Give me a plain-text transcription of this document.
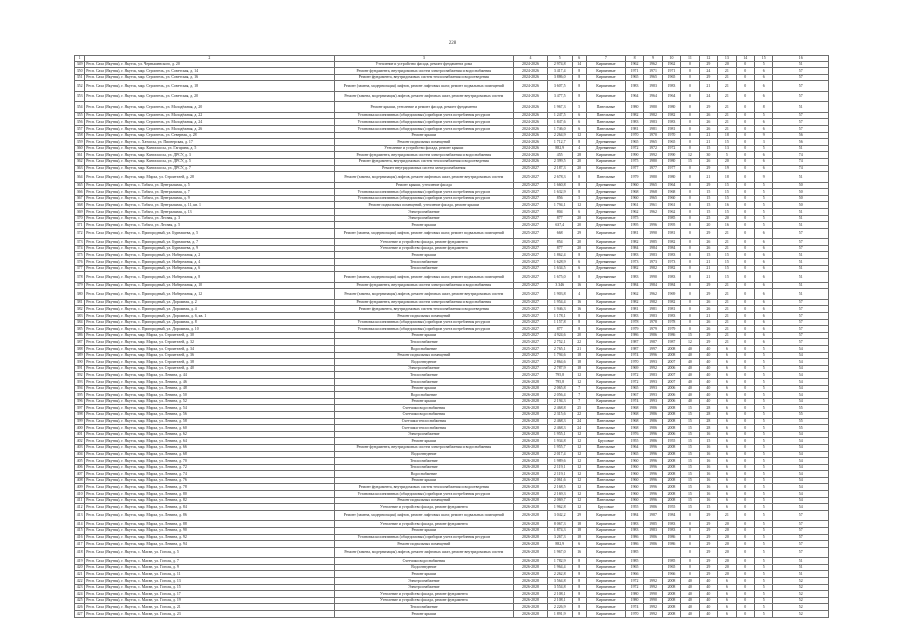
228
1	2	3	4	5	6	7	8	9	10	11	12	13	14	15	16
349	Респ. Саха (Якутия), г. Якутск, ул. Чернышевского, д. 20	Утепление и устройство фасада, ремонт фундамента дома	2024-2026	2 974,8	14	Кирпичные	1962	1962	1962	0	29	20	0	5	51
350	Респ. Саха (Якутия), г. Якутск, мкр. Строитель, ул. Советская, д. 14	Ремонт фундамента, внутридомовых систем электроснабжения и водоснабжения	2024-2026	3 417,4	8	Кирпичные	1971	1971	1971	0	24	21	0	6	57
351	Респ. Саха (Якутия), г. Якутск, мкр. Строитель, ул. Советская, д. 16	Ремонт фундамента, внутридомовых систем теплоснабжения и водоотведения	2024-2026	3 886,0	8	Кирпичные	1965	1965	1965	0	29	21	0	6	57
352	Респ. Саха (Якутия), г. Якутск, мкр. Строитель, ул. Советская, д. 18	Ремонт (замена, модернизация) лифтов, ремонт лифтовых шахт, ремонт подвальных помещений	2024-2026	3 607,5	8	Кирпичные	1983	1983	1983	0	21	21	0	6	57
353	Респ. Саха (Якутия), г. Якутск, мкр. Строитель, ул. Советская, д. 20	Ремонт (замена, модернизация) лифтов, ремонт лифтовых шахт, ремонт внутридомовых систем	2024-2026	3 477,5	8	Кирпичные	1964	1964	1964	0	24	21	0	6	57
354	Респ. Саха (Якутия), г. Якутск, мкр. Строитель, ул. Молодёжная, д. 20	Ремонт крыши, утепление и ремонт фасада, ремонт фундамента	2024-2026	1 967,3	5	Панельные	1980	1980	1980	0	29	21	0	8	51
355	Респ. Саха (Якутия), г. Якутск, мкр. Строитель, ул. Молодёжная, д. 22	Установка коллективных (общедомовых) приборов учета потребления ресурсов	2024-2026	1 247,5	6	Панельные	1982	1982	1982	0	26	21	0	5	57
356	Респ. Саха (Якутия), г. Якутск, мкр. Строитель, ул. Молодёжная, д. 24	Установка коллективных (общедомовых) приборов учета потребления ресурсов	2024-2026	1 847,6	6	Панельные	1983	1983	1983	0	26	21	0	6	57
357	Респ. Саха (Якутия), г. Якутск, мкр. Строитель, ул. Молодёжная, д. 26	Установка коллективных (общедомовых) приборов учета потребления ресурсов	2024-2026	1 746,0	6	Панельные	1981	1981	1981	0	26	21	0	6	57
358	Респ. Саха (Якутия), г. Якутск, мкр. Строитель, ул. Северная, д. 28	Ремонт крыши	2024-2026	2 264,9	12	Кирпичные	1970	1970	1970	0	21	18	0	9	56
359	Респ. Саха (Якутия), г. Якутск, с. Хатассы, ул. Пионерская, д. 17	Ремонт подвальных помещений	2024-2026	1 712,7	8	Деревянные	1965	1965	1965	0	21	15	0	3	56
360	Респ. Саха (Якутия), г. Якутск, мкр. Кангалассы, ул. Гагарина, д. 5	Утепление и устройство фасада, ремонт крыши	2024-2026	882,9	4	Деревянные	1972	1972	1972	0	15	13	0	5	51
361	Респ. Саха (Якутия), г. Якутск, мкр. Кангалассы, ул. ДРСУ, д. 3	Ремонт фундамента, внутридомовых систем электроснабжения и водоснабжения	2024-2026	455	28	Кирпичные	1990	1992	1990	12	30	5	0	6	74
362	Респ. Саха (Якутия), г. Якутск, мкр. Кангалассы, ул. ДРСУ, д. 5	Ремонт фундамента, внутридомовых систем теплоснабжения и водоотведения	2024-2026	2 399,5	20	Кирпичные	1975	1980	1980	15	26	20	0	6	74
363	Респ. Саха (Якутия), г. Якутск, мкр. Кангалассы, ул. ДРСУ, д. 7	Ремонт внутридомовых систем электроснабжения	2025-2027	2 187,3	20	Кирпичные	1977	1977	1977	0	29	19	0	6	74
364	Респ. Саха (Якутия), г. Якутск, мкр. Марха, ул. Строителей, д. 28	Ремонт (замена, модернизация) лифтов, ремонт лифтовых шахт, ремонт внутридомовых систем	2025-2027	2 678,3	8	Панельные	1979	1980	1980	0	21	18	0	9	51
365	Респ. Саха (Якутия), г. Якутск, с. Табага, ул. Центральная, д. 5	Ремонт крыши, утепление фасада	2025-2027	1 660,8	8	Деревянные	1960	1965	1964	0	29	15	0	5	50
366	Респ. Саха (Якутия), г. Якутск, с. Табага, ул. Центральная, д. 7	Установка коллективных (общедомовых) приборов учета потребления ресурсов	2025-2027	1 632,9	8	Деревянные	1968	1968	1968	0	15	15	0	5	50
367	Респ. Саха (Якутия), г. Якутск, с. Табага, ул. Центральная, д. 9	Установка коллективных (общедомовых) приборов учета потребления ресурсов	2025-2027	856	5	Деревянные	1960	1965	1960	0	15	15	0	5	50
368	Респ. Саха (Якутия), г. Якутск, с. Табага, ул. Центральная, д. 11, кв. 1	Ремонт подвальных помещений, утепление фасада, ремонт крыши	2025-2027	1 794,1	12	Деревянные	1961	1961	1961	0	15	16	0	5	50
369	Респ. Саха (Якутия), г. Якутск, с. Табага, ул. Центральная, д. 13	Электроснабжение	2025-2027	804	6	Деревянные	1962	1962	1962	0	15	15	0	5	51
370	Респ. Саха (Якутия), г. Якутск, с. Табага, ул. Лесная, д. 3	Электроснабжение	2025-2027	877	20	Кирпичные	1975		1985	0	25	20	0	5	51
371	Респ. Саха (Якутия), г. Якутск, с. Табага, ул. Лесная, д. 5	Ремонт крыши	2025-2027	637,4	20	Деревянные	1995	1996	1995	0	20	16	0	5	51
372	Респ. Саха (Якутия), г. Якутск, с. Пригородный, ул. Бурнашева, д. 5	Ремонт (замена, модернизация) лифтов, ремонт лифтовых шахт, ремонт подвальных помещений	2025-2027	668	29	Кирпичные	1981	1990	1981	0	29	21	0	6	57
373	Респ. Саха (Якутия), г. Якутск, с. Пригородный, ул. Бурнашева, д. 7	Утепление и устройство фасада, ремонт фундамента	2025-2027	854	20	Кирпичные	1982	1985	1982	0	26	21	0	6	57
374	Респ. Саха (Якутия), г. Якутск, с. Пригородный, ул. Бурнашева, д. 9	Утепление и устройство фасада, ремонт фундамента	2025-2027	877	20	Кирпичные	1984	1984	1984	0	26	21	0	6	57
375	Респ. Саха (Якутия), г. Якутск, с. Пригородный, ул. Набережная, д. 2	Ремонт крыши	2025-2027	1 862,4	8	Деревянные	1983	1983	1983	0	15	15	0	6	51
376	Респ. Саха (Якутия), г. Якутск, с. Пригородный, ул. Набережная, д. 4	Теплоснабжение	2025-2027	1 628,9	6	Деревянные	1973	1973	1973	0	21	15	0	6	51
377	Респ. Саха (Якутия), г. Якутск, с. Пригородный, ул. Набережная, д. 6	Теплоснабжение	2025-2027	1 634,5	6	Деревянные	1982	1982	1982	0	21	15	0	6	51
378	Респ. Саха (Якутия), г. Якутск, с. Пригородный, ул. Набережная, д. 8	Ремонт (замена, модернизация) лифтов, ремонт лифтовых шахт, ремонт подвальных помещений	2025-2027	1 675,0	8	Деревянные	1983	1990	1983	0	21	15	0	6	51
379	Респ. Саха (Якутия), г. Якутск, с. Пригородный, ул. Набережная, д. 10	Ремонт фундамента, внутридомовых систем электроснабжения и водоснабжения	2025-2027	3 346	16	Кирпичные	1984	1984	1984	0	29	21	0	6	51
380	Респ. Саха (Якутия), г. Якутск, с. Пригородный, ул. Набережная, д. 12	Ремонт (замена, модернизация) лифтов, ремонт лифтовых шахт, ремонт внутридомовых систем	2025-2027	1 903,8	4	Кирпичные	1962	1962	1969	0	29	21	0	6	51
381	Респ. Саха (Якутия), г. Якутск, с. Пригородный, ул. Дорожная, д. 2	Ремонт фундамента, внутридомовых систем электроснабжения и водоснабжения	2025-2027	1 954,4	16	Кирпичные	1982	1982	1982	0	26	21	0	6	57
382	Респ. Саха (Якутия), г. Якутск, с. Пригородный, ул. Дорожная, д. 4	Ремонт фундамента, внутридомовых систем теплоснабжения и водоотведения	2025-2027	1 946,3	16	Кирпичные	1981	1981	1981	0	26	21	0	6	57
383	Респ. Саха (Якутия), г. Якутск, с. Пригородный, ул. Дорожная, д. 6, кв. 1	Ремонт подвальных помещений	2025-2027	1 178,1	8	Кирпичные	1983	1983	1983	0	21	21	0	6	57
384	Респ. Саха (Якутия), г. Якутск, с. Пригородный, ул. Дорожная, д. 8	Установка коллективных (общедомовых) приборов учета потребления ресурсов	2025-2027	1 157,8	8	Кирпичные	1978	1978	1978	0	26	21	0	6	57
385	Респ. Саха (Якутия), г. Якутск, с. Пригородный, ул. Дорожная, д. 10	Установка коллективных (общедомовых) приборов учета потребления ресурсов	2025-2027	877	8	Кирпичные	1979	1979	1979	0	26	21	0	6	57
386	Респ. Саха (Якутия), г. Якутск, мкр. Марха, ул. Строителей, д. 30	Ремонт крыши	2025-2027	4 924,6	20	Кирпичные	1986	1986	1986	15	29	21	0	6	57
387	Респ. Саха (Якутия), г. Якутск, мкр. Марха, ул. Строителей, д. 32	Теплоснабжение	2025-2027	2 752,1	22	Кирпичные	1987	1987	1987	12	29	21	0	6	57
388	Респ. Саха (Якутия), г. Якутск, мкр. Марха, ул. Строителей, д. 34	Водоснабжение	2025-2027	2 765,1	21	Кирпичные	1987	1997	2008	40	40	6	0	5	54
389	Респ. Саха (Якутия), г. Якутск, мкр. Марха, ул. Строителей, д. 36	Ремонт подвальных помещений	2025-2027	1 794,6	18	Кирпичные	1974	1996	2008	40	40	6	0	5	54
390	Респ. Саха (Якутия), г. Якутск, мкр. Марха, ул. Строителей, д. 38	Водоотведение	2025-2027	2 864,6	18	Кирпичные	1970	1993	2007	40	40	6	0	5	54
391	Респ. Саха (Якутия), г. Якутск, мкр. Марха, ул. Строителей, д. 40	Электроснабжение	2025-2027	2 787,9	18	Кирпичные	1969	1992	2006	40	40	6	0	5	54
392	Респ. Саха (Якутия), г. Якутск, мкр. Марха, ул. Ленина, д. 44	Теплоснабжение	2025-2027	795,8	12	Кирпичные	1972	1983	2007	40	40	6	0	5	54
393	Респ. Саха (Якутия), г. Якутск, мкр. Марха, ул. Ленина, д. 46	Теплоснабжение	2026-2028	795,8	12	Кирпичные	1972	1993	2007	40	40	6	0	5	54
394	Респ. Саха (Якутия), г. Якутск, мкр. Марха, ул. Ленина, д. 48	Ремонт крыши	2026-2028	2 065,8	7	Кирпичные	1965	1993	2006	40	40	6	0	5	54
395	Респ. Саха (Якутия), г. Якутск, мкр. Марха, ул. Ленина, д. 50	Водоснабжение	2026-2028	2 056,4	7	Кирпичные	1967	1993	2006	40	40	6	0	5	54
396	Респ. Саха (Якутия), г. Якутск, мкр. Марха, ул. Ленина, д. 52	Ремонт крыши	2026-2028	2 194,3	7	Кирпичные	1974	1993	2006	40	40	6	0	5	54
397	Респ. Саха (Якутия), г. Якутск, мкр. Марха, ул. Ленина, д. 54	Счетчики водоснабжения	2026-2028	2 468,8	25	Панельные	1968	1986	2008	15	28	6	0	5	55
398	Респ. Саха (Якутия), г. Якутск, мкр. Марха, ул. Ленина, д. 56	Счетчики водоснабжения	2026-2028	2 315,6	22	Панельные	1968	1986	2008	15	28	6	0	5	55
399	Респ. Саха (Якутия), г. Якутск, мкр. Марха, ул. Ленина, д. 58	Счетчики теплоснабжения	2026-2028	2 468,3	24	Панельные	1968	1986	2008	15	28	6	0	5	55
400	Респ. Саха (Якутия), г. Якутск, мкр. Марха, ул. Ленина, д. 60	Счетчики теплоснабжения	2026-2028	2 468,3	24	Панельные	1968	1986	2008	15	28	6	0	5	55
401	Респ. Саха (Якутия), г. Якутск, мкр. Марха, ул. Ленина, д. 62	Электроснабжение	2026-2028	1 955,1	12	Панельные	1976	1996	2006	15	16	6	0	5	54
402	Респ. Саха (Якутия), г. Якутск, мкр. Марха, ул. Ленина, д. 64	Ремонт крыши	2026-2028	1 934,8	12	Брусовые	1955	1986	1955	15	15	6	0	5	54
403	Респ. Саха (Якутия), г. Якутск, мкр. Марха, ул. Ленина, д. 66	Ремонт фундамента, внутридомовых систем электроснабжения и водоснабжения	2026-2028	1 955,7	12	Панельные	1964	1996	2008	15	16	6	0	5	54
404	Респ. Саха (Якутия), г. Якутск, мкр. Марха, ул. Ленина, д. 68	Водоотведение	2026-2028	2 017,4	12	Панельные	1965	1996	2008	15	16	6	0	5	54
405	Респ. Саха (Якутия), г. Якутск, мкр. Марха, ул. Ленина, д. 70	Теплоснабжение	2026-2028	1 989,6	12	Панельные	1960	1996	2008	15	16	6	0	5	54
406	Респ. Саха (Якутия), г. Якутск, мкр. Марха, ул. Ленина, д. 72	Теплоснабжение	2026-2028	2 119,1	12	Панельные	1960	1996	2008	15	16	6	0	5	54
407	Респ. Саха (Якутия), г. Якутск, мкр. Марха, ул. Ленина, д. 74	Водоснабжение	2026-2028	2 119,1	12	Панельные	1960	1996	2008	15	16	6	0	5	54
408	Респ. Саха (Якутия), г. Якутск, мкр. Марха, ул. Ленина, д. 76	Ремонт крыши	2026-2028	2 061,6	12	Панельные	1960	1996	2008	15	16	6	0	5	54
409	Респ. Саха (Якутия), г. Якутск, мкр. Марха, ул. Ленина, д. 78	Ремонт фундамента, внутридомовых систем теплоснабжения и водоотведения	2026-2028	2 168,5	12	Панельные	1960	1996	2008	15	16	6	0	5	54
410	Респ. Саха (Якутия), г. Якутск, мкр. Марха, ул. Ленина, д. 80	Установка коллективных (общедомовых) приборов учета потребления ресурсов	2026-2028	2 169,3	12	Панельные	1960	1996	2008	15	16	6	0	5	54
411	Респ. Саха (Якутия), г. Якутск, мкр. Марха, ул. Ленина, д. 82	Ремонт подвальных помещений	2026-2028	2 069,7	12	Панельные	1960	1996	2008	15	16	6	0	5	54
412	Респ. Саха (Якутия), г. Якутск, мкр. Марха, ул. Ленина, д. 84	Утепление и устройство фасада, ремонт фундамента	2026-2028	1 962,8	12	Брусовые	1955	1986	1955	15	15	6	0	5	54
413	Респ. Саха (Якутия), г. Якутск, мкр. Марха, ул. Ленина, д. 86	Ремонт (замена, модернизация) лифтов, ремонт лифтовых шахт, ремонт подвальных помещений	2026-2028	3 042,2	29	Кирпичные	1984	1987	1984	0	29	21	0	5	57
414	Респ. Саха (Якутия), г. Якутск, мкр. Марха, ул. Ленина, д. 88	Утепление и устройство фасада, ремонт фундамента	2026-2028	8 067,3	18	Кирпичные	1983	1985	1983	0	29	20	0	5	57
415	Респ. Саха (Якутия), г. Якутск, мкр. Марха, ул. Ленина, д. 90	Ремонт крыши	2026-2028	1 874,3	18	Кирпичные	1983	1983	1983	0	29	20	0	5	57
416	Респ. Саха (Якутия), г. Якутск, мкр. Марха, ул. Ленина, д. 92	Установка коллективных (общедомовых) приборов учета потребления ресурсов	2026-2028	3 267,3	18	Кирпичные	1986	1986	1986	0	29	20	0	5	57
417	Респ. Саха (Якутия), г. Якутск, мкр. Марха, ул. Ленина, д. 94	Ремонт подвальных помещений	2026-2028	882,9	6	Кирпичные	1986	1986	1986	0	29	20	0	5	57
418	Респ. Саха (Якутия), г. Якутск, с. Маган, ул. Гоголя, д. 5	Ремонт (замена, модернизация) лифтов, ремонт лифтовых шахт, ремонт внутридомовых систем	2026-2028	1 967,0	16	Кирпичные	1985			0	29	20	0	5	57
419	Респ. Саха (Якутия), г. Якутск, с. Маган, ул. Гоголя, д. 7	Счетчики водоснабжения	2026-2028	1 782,9	8	Кирпичные	1985		1985	0	29	20	0	5	51
420	Респ. Саха (Якутия), г. Якутск, с. Маган, ул. Гоголя, д. 9	Водоотведение	2026-2028	1 964,4	8	Кирпичные	1965		1965	0	29	20	0	5	51
421	Респ. Саха (Якутия), г. Якутск, с. Маган, ул. Гоголя, д. 11	Ремонт крыши	2026-2028	2 262,8	8	Кирпичные	1966		1966	0	29	20	0	5	51
422	Респ. Саха (Якутия), г. Якутск, с. Маган, ул. Гоголя, д. 13	Электроснабжение	2026-2028	3 564,8	8	Кирпичные	1972	1992	2008	40	40	6	0	5	52
423	Респ. Саха (Якутия), г. Якутск, с. Маган, ул. Гоголя, д. 15	Электроснабжение	2026-2028	3 554,8	8	Кирпичные	1972	1992	2008	40	40	6	0	5	52
424	Респ. Саха (Якутия), г. Якутск, с. Маган, ул. Гоголя, д. 17	Утепление и устройство фасада, ремонт фундамента	2026-2028	2 108,1	8	Кирпичные	1980	1990	2008	40	40	6	0	5	52
425	Респ. Саха (Якутия), г. Якутск, с. Маган, ул. Гоголя, д. 19	Утепление и устройство фасада, ремонт фундамента	2026-2028	2 108,1	8	Кирпичные	1980	1990	2008	40	40	6	0	5	52
426	Респ. Саха (Якутия), г. Якутск, с. Маган, ул. Гоголя, д. 21	Теплоснабжение	2026-2028	2 226,9	8	Кирпичные	1974	1992	2008	40	40	6	0	5	52
427	Респ. Саха (Якутия), г. Якутск, с. Маган, ул. Гоголя, д. 23	Ремонт крыши	2026-2028	1 891,9	8	Кирпичные	1970	1992	2008	40	40	6	0	5	52
